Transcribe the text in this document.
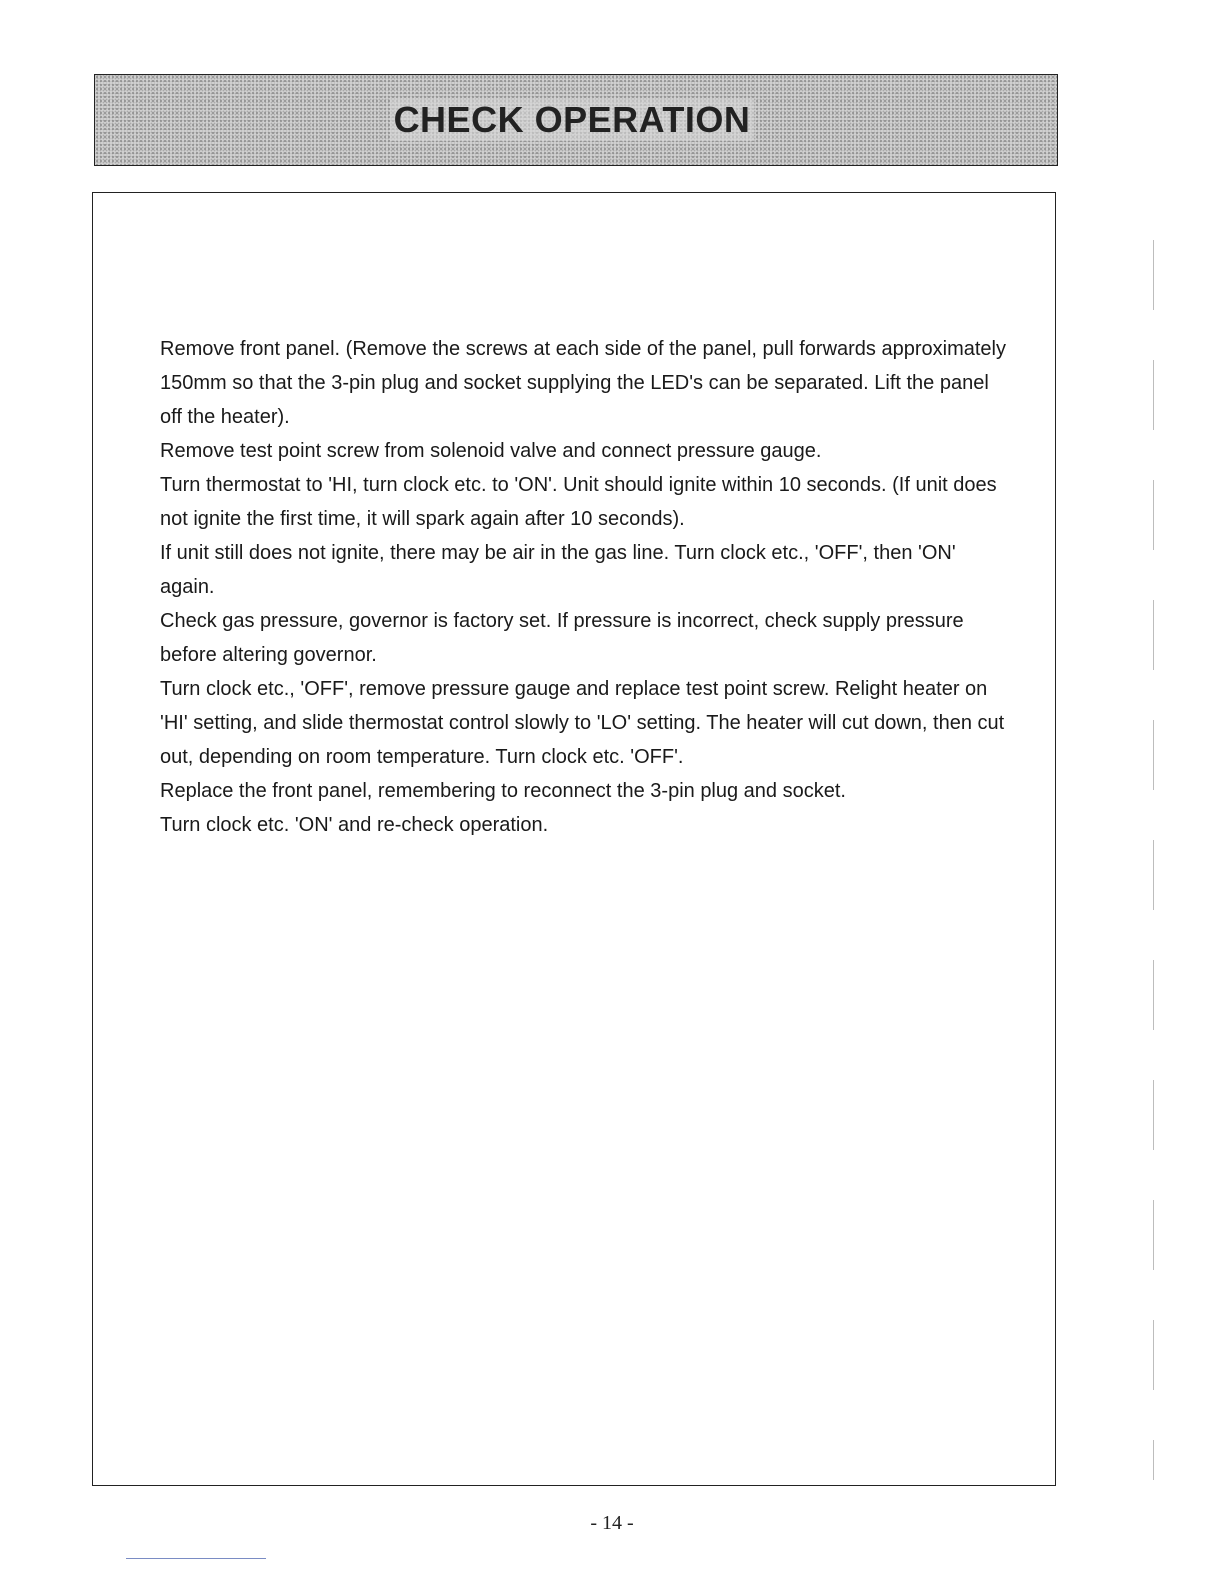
CHECK OPERATION
Remove front panel. (Remove the screws at each side of the panel, pull forwards approximately 150mm so that the 3-pin plug and socket supplying the LED's can be separated. Lift the panel off the heater).
Remove test point screw from solenoid valve and connect pressure gauge.
Turn thermostat to 'HI, turn clock etc. to 'ON'. Unit should ignite within 10 seconds. (If unit does not ignite the first time, it will spark again after 10 seconds).
If unit still does not ignite, there may be air in the gas line. Turn clock etc., 'OFF', then 'ON' again.
Check gas pressure, governor is factory set. If pressure is incorrect, check supply pressure before altering governor.
Turn clock etc., 'OFF', remove pressure gauge and replace test point screw. Relight heater on 'HI' setting, and slide thermostat control slowly to 'LO' setting. The heater will cut down, then cut out, depending on room temperature. Turn clock etc. 'OFF'.
Replace the front panel, remembering to reconnect the 3-pin plug and socket.
Turn clock etc. 'ON' and re-check operation.
- 14 -
